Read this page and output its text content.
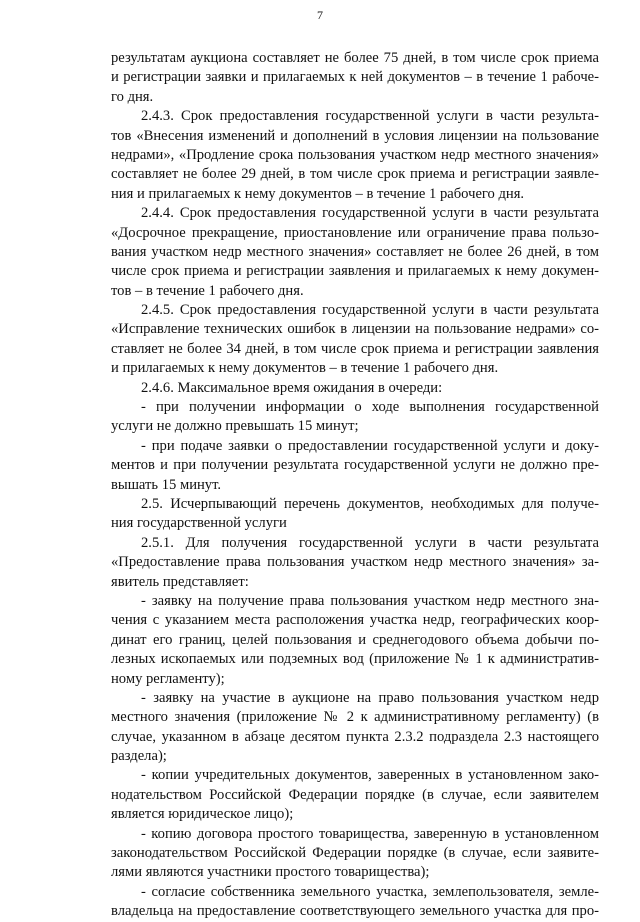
7
результатам аукциона составляет не более 75 дней, в том числе срок приема
и регистрации заявки и прилагаемых к ней документов – в течение 1 рабоче-
го дня.
2.4.3. Срок предоставления государственной услуги в части результа-
тов «Внесения изменений и дополнений в условия лицензии на пользование
недрами», «Продление срока пользования участком недр местного значения»
составляет не более 29 дней, в том числе срок приема и регистрации заявле-
ния и прилагаемых к нему документов – в течение 1 рабочего дня.
2.4.4. Срок предоставления государственной услуги в части результата
«Досрочное прекращение, приостановление или ограничение права пользо-
вания участком недр местного значения» составляет не более 26 дней, в том
числе срок приема и регистрации заявления и прилагаемых к нему докумен-
тов – в течение 1 рабочего дня.
2.4.5. Срок предоставления государственной услуги в части результата
«Исправление технических ошибок в лицензии на пользование недрами» со-
ставляет не более 34 дней, в том числе срок приема и регистрации заявления
и прилагаемых к нему документов – в течение 1 рабочего дня.
2.4.6. Максимальное время ожидания в очереди:
- при получении информации о ходе выполнения государственной
услуги не должно превышать 15 минут;
- при подаче заявки о предоставлении государственной услуги и доку-
ментов и при получении результата государственной услуги не должно пре-
вышать 15 минут.
2.5. Исчерпывающий перечень документов, необходимых для получе-
ния государственной услуги
2.5.1. Для получения государственной услуги в части результата
«Предоставление права пользования участком недр местного значения» за-
явитель представляет:
- заявку на получение права пользования участком недр местного зна-
чения с указанием места расположения участка недр, географических коор-
динат его границ, целей пользования и среднегодового объема добычи по-
лезных ископаемых или подземных вод (приложение № 1 к административ-
ному регламенту);
- заявку на участие в аукционе на право пользования участком недр
местного значения (приложение № 2 к административному регламенту) (в
случае, указанном в абзаце десятом пункта 2.3.2 подраздела 2.3 настоящего
раздела);
- копии учредительных документов, заверенных в установленном зако-
нодательством Российской Федерации порядке (в случае, если заявителем
является юридическое лицо);
- копию договора простого товарищества, заверенную в установленном
законодательством Российской Федерации порядке (в случае, если заявите-
лями являются участники простого товарищества);
- согласие собственника земельного участка, землепользователя, земле-
владельца на предоставление соответствующего земельного участка для про-
